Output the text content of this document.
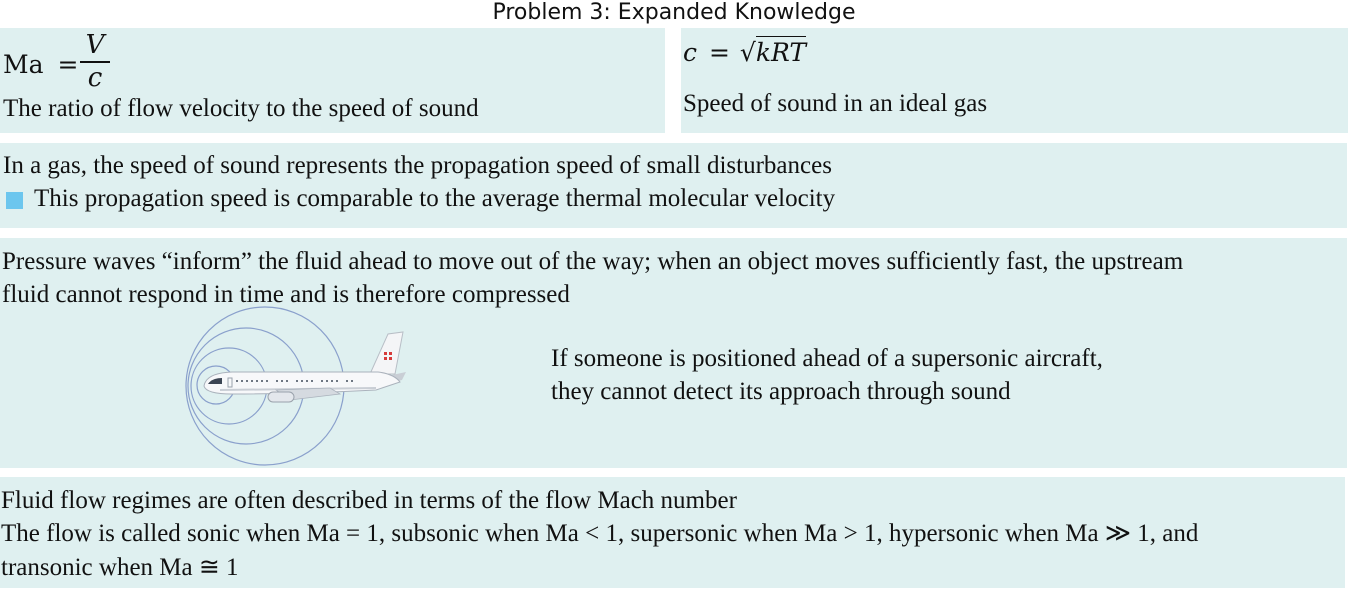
Problem 3: Expanded Knowledge
Ma =
V
c
The ratio of flow velocity to the speed of sound
c = √kRT
Speed of sound in an ideal gas
In a gas, the speed of sound represents the propagation speed of small disturbances
This propagation speed is comparable to the average thermal molecular velocity
Pressure waves “inform” the fluid ahead to move out of the way; when an object moves sufficiently fast, the upstream
fluid cannot respond in time and is therefore compressed
If someone is positioned ahead of a supersonic aircraft,
they cannot detect its approach through sound
Fluid flow regimes are often described in terms of the flow Mach number
The flow is called sonic when Ma = 1, subsonic when Ma < 1, supersonic when Ma > 1, hypersonic when Ma ≫ 1, and
transonic when Ma ≅ 1
